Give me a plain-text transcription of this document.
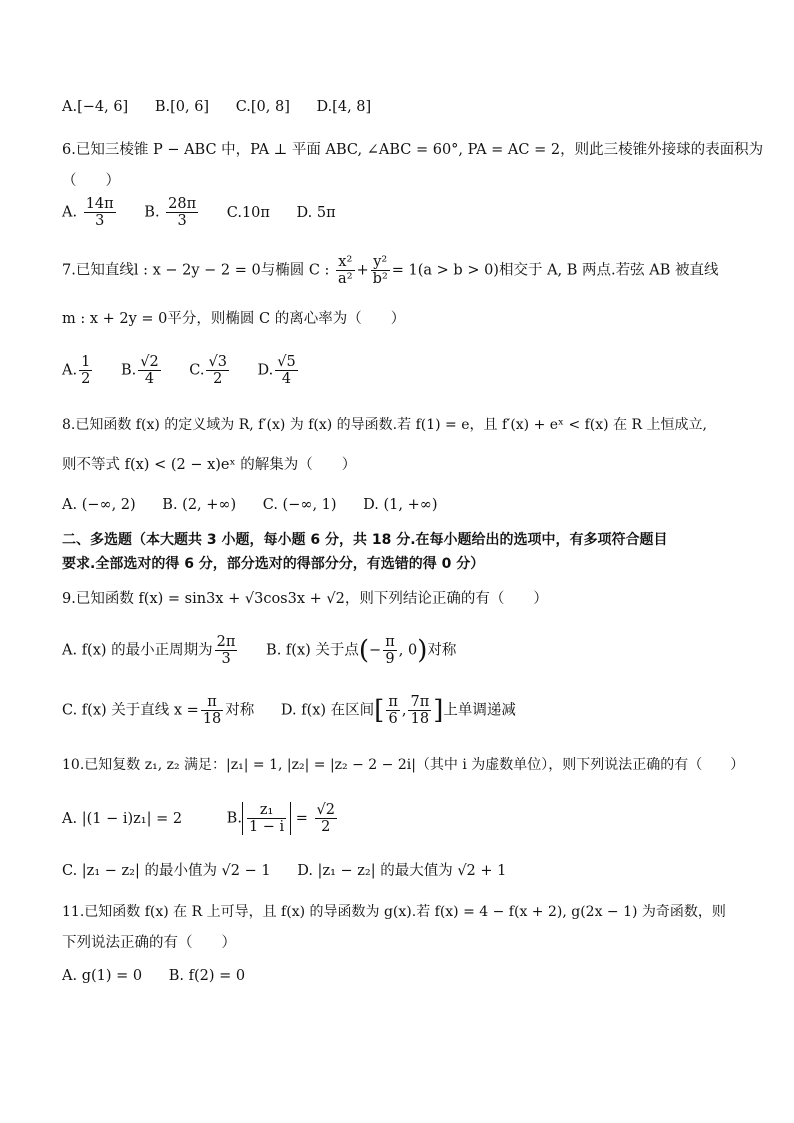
A.[−4, 6] B.[0, 6] C.[0, 8] D.[4, 8]
6.已知三棱锥 P − ABC 中，PA ⊥ 平面 ABC, ∠ABC = 60°, PA = AC = 2，则此三棱锥外接球的表面积为
（　　）
A. $\frac{14\pi}{3} B$. $\frac{28\pi}{3} C.10\pi$ D. 5π
7.已知直线l : x − 2y − 2 = 0与椭圆 C : $\frac{\text{x²}}{\text{a²}} + \frac{\text{y²}}{\text{b²}} = 1(a > b > 0)$相交于 A, B 两点.若弦 AB 被直线
m : x + 2y = 0平分，则椭圆 C 的离心率为（　　）
A. $\frac{1}{2} B$. $\frac{√2}{4} C$. $\frac{√3}{2} D$. $\frac{√5}{4}$
8.已知函数 f(x) 的定义域为 R, f′(x) 为 f(x) 的导函数.若 f(1) = e，且 f′(x) + eˣ < f(x) 在 R 上恒成立,
则不等式 f(x) < (2 − x)eˣ 的解集为（　　）
A. (−∞, 2) B. (2, +∞) C. (−∞, 1) D. (1, +∞)
二、多选题（本大题共 3 小题，每小题 6 分，共 18 分.在每小题给出的选项中，有多项符合题目
要求.全部选对的得 6 分，部分选对的得部分分，有选错的得 0 分）
9.已知函数 f(x) = sin3x + √3cos3x + √2，则下列结论正确的有（　　）
A. f(x) 的最小正周期为 $\frac{2\pi}{3} B$. f(x) 关于点(− $\frac{\pi}{9}$ , 0)对称
C. f(x) 关于直线 $x = \frac{\pi}{18}$ 对称 D. f(x) 在区间[ $\frac{\pi}{6}$ , $\frac{7\pi}{18}$ ]上单调递减
10.已知复数 z₁, z₂ 满足：|z₁| = 1, |z₂| = |z₂ − 2 − 2i|（其中 i 为虚数单位），则下列说法正确的有（　　）
A. |(1 − i)z₁| = 2	B. $\frac{\text{z₁}}{1 - i} = \frac{√2}{2}$
C. |z₁ − z₂| 的最小值为 √2 − 1 D. |z₁ − z₂| 的最大值为 √2 + 1
11.已知函数 f(x) 在 R 上可导，且 f(x) 的导函数为 g(x).若 f(x) = 4 − f(x + 2), g(2x − 1) 为奇函数，则
下列说法正确的有（　　）
A. g(1) = 0 B. f(2) = 0
